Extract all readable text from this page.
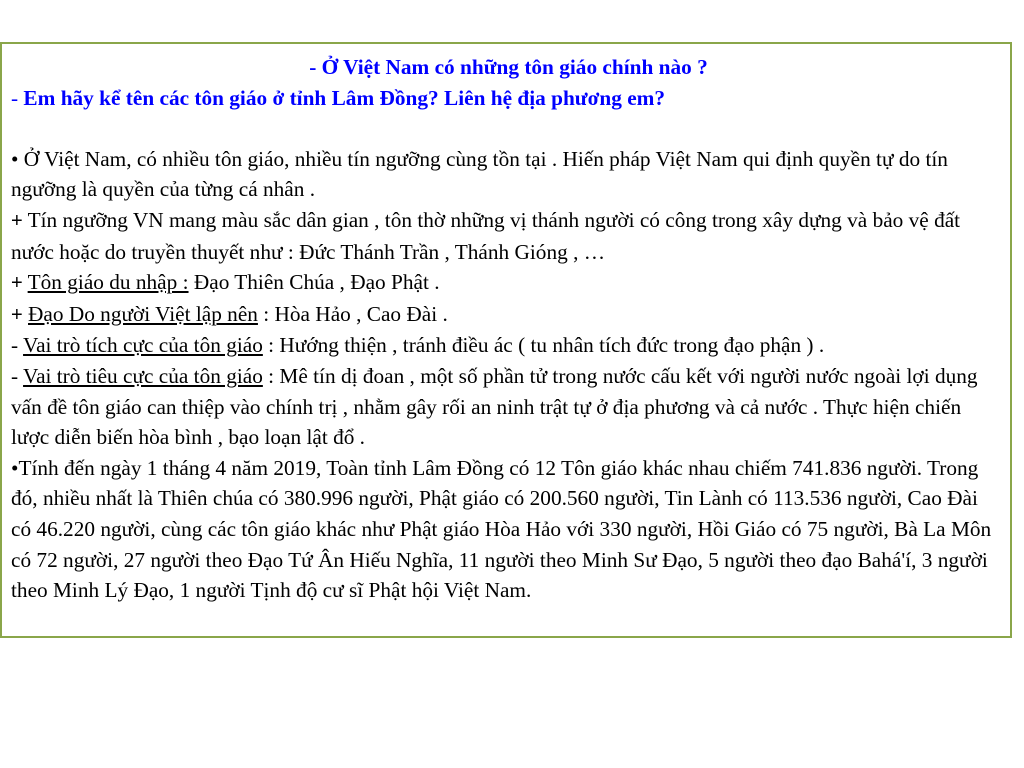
- Ở Việt Nam có những tôn giáo chính nào ?
- Em hãy kể tên các tôn giáo ở tỉnh Lâm Đồng? Liên hệ địa phương em?

• Ở Việt Nam, có nhiều tôn giáo, nhiều tín ngưỡng cùng tồn tại . Hiến pháp Việt Nam qui định quyền tự do tín ngưỡng là quyền của từng cá nhân .

+ Tín ngưỡng VN mang màu sắc dân gian , tôn thờ những vị thánh người có công trong xây dựng và bảo vệ đất nước hoặc do truyền thuyết như : Đức Thánh Trần , Thánh Gióng , …

+ Tôn giáo du nhập : Đạo Thiên Chúa , Đạo Phật .

+ Đạo Do người Việt lập nên : Hòa Hảo , Cao Đài .

- Vai trò tích cực của tôn giáo : Hướng thiện , tránh điều ác ( tu nhân tích đức trong đạo phận ) .

- Vai trò tiêu cực của tôn giáo : Mê tín dị đoan , một số phần tử trong nước cấu kết với người nước ngoài lợi dụng vấn đề tôn giáo can thiệp vào chính trị , nhằm gây rối an ninh trật tự ở địa phương và cả nước . Thực hiện chiến lược diễn biến hòa bình , bạo loạn lật đổ .

•Tính đến ngày 1 tháng 4 năm 2019, Toàn tỉnh Lâm Đồng có 12 Tôn giáo khác nhau chiếm 741.836 người. Trong đó, nhiều nhất là Thiên chúa có 380.996 người, Phật giáo có 200.560 người, Tin Lành có 113.536 người, Cao Đài có 46.220 người, cùng các tôn giáo khác như Phật giáo Hòa Hảo với 330 người, Hồi Giáo có 75 người, Bà La Môn có 72 người, 27 người theo Đạo Tứ Ân Hiếu Nghĩa, 11 người theo Minh Sư Đạo, 5 người theo đạo Bahá'í, 3 người theo Minh Lý Đạo, 1 người Tịnh độ cư sĩ Phật hội Việt Nam.
